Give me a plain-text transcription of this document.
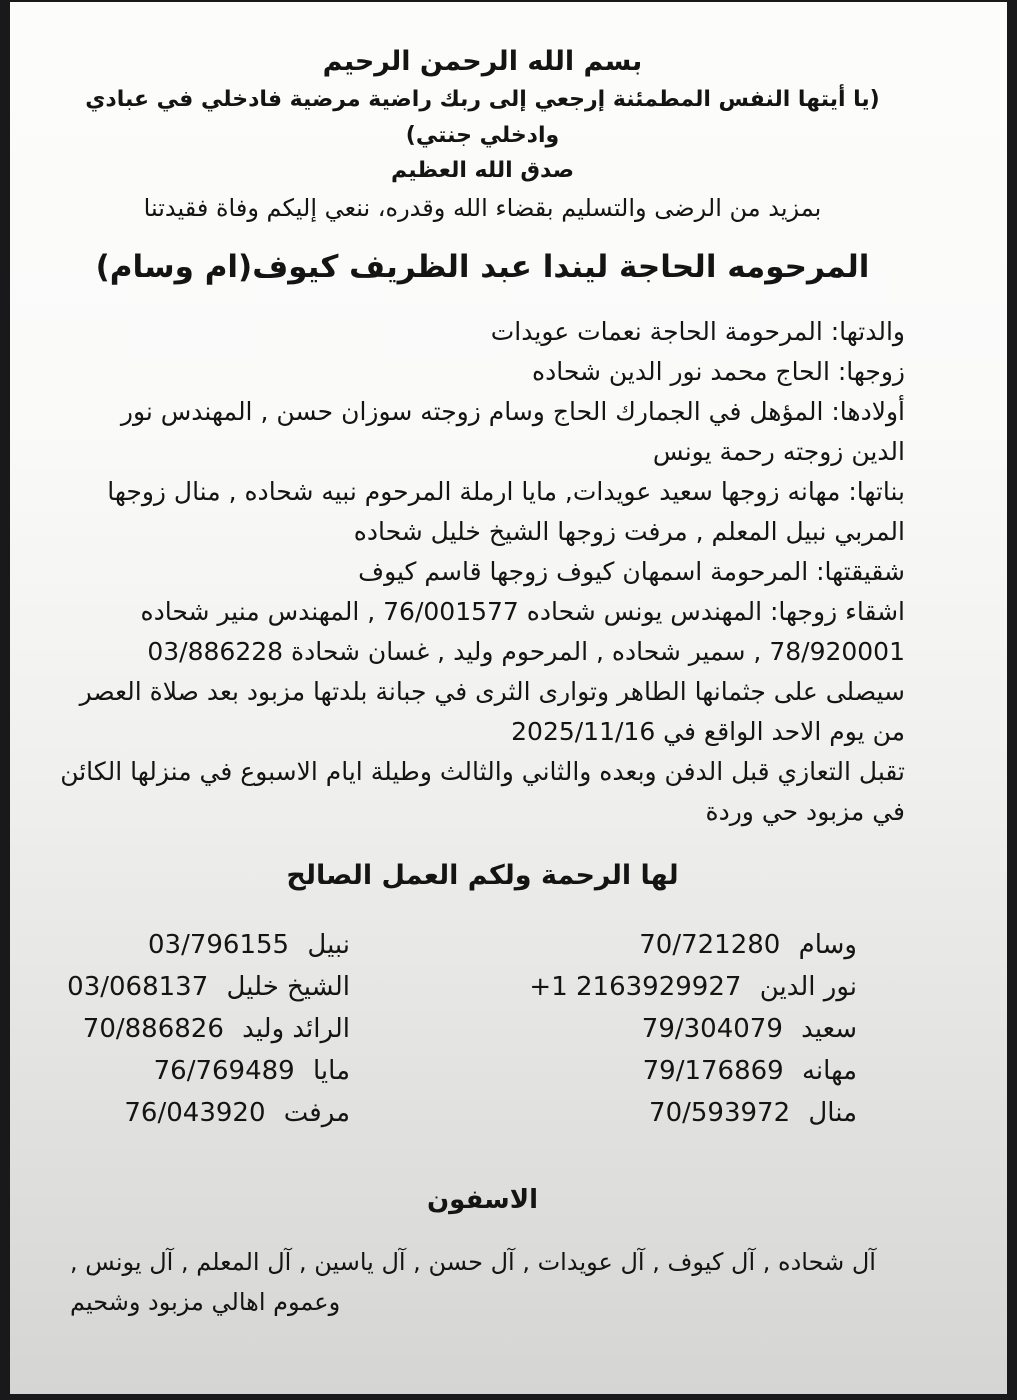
بسم الله الرحمن الرحيم

(يا أيتها النفس المطمئنة إرجعي إلى ربك راضية مرضية فادخلي في عبادي وادخلي جنتي)

صدق الله العظيم

بمزيد من الرضى والتسليم بقضاء الله وقدره، ننعي إليكم وفاة فقيدتنا

المرحومه الحاجة ليندا عبد الظريف كيوف(ام وسام)

والدتها: المرحومة الحاجة نعمات عويدات

زوجها: الحاج محمد نور الدين شحاده

أولادها: المؤهل في الجمارك الحاج وسام زوجته سوزان حسن , المهندس نور الدين زوجته رحمة يونس

بناتها: مهانه زوجها سعيد عويدات, مايا ارملة المرحوم نبيه شحاده , منال زوجها المربي نبيل المعلم , مرفت زوجها الشيخ خليل شحاده

شقيقتها: المرحومة اسمهان كيوف زوجها قاسم كيوف

اشقاء زوجها: المهندس يونس شحاده 76/001577 , المهندس منير شحاده 78/920001 , سمير شحاده , المرحوم وليد , غسان شحادة 03/886228

سيصلى على جثمانها الطاهر وتوارى الثرى في جبانة بلدتها مزبود بعد صلاة العصر من يوم الاحد الواقع في 2025/11/16

تقبل التعازي قبل الدفن وبعده والثاني والثالث وطيلة ايام الاسبوع في منزلها الكائن في مزبود حي وردة

لها الرحمة ولكم العمل الصالح

وسام 70/721280
نور الدين +1 2163929927
سعيد 79/304079
مهانه 79/176869
منال 70/593972
نبيل 03/796155
الشيخ خليل 03/068137
الرائد وليد 70/886826
مايا 76/769489
مرفت 76/043920
الاسفون

آل شحاده , آل كيوف , آل عويدات , آل حسن , آل ياسين , آل المعلم , آل يونس , وعموم اهالي مزبود وشحيم
